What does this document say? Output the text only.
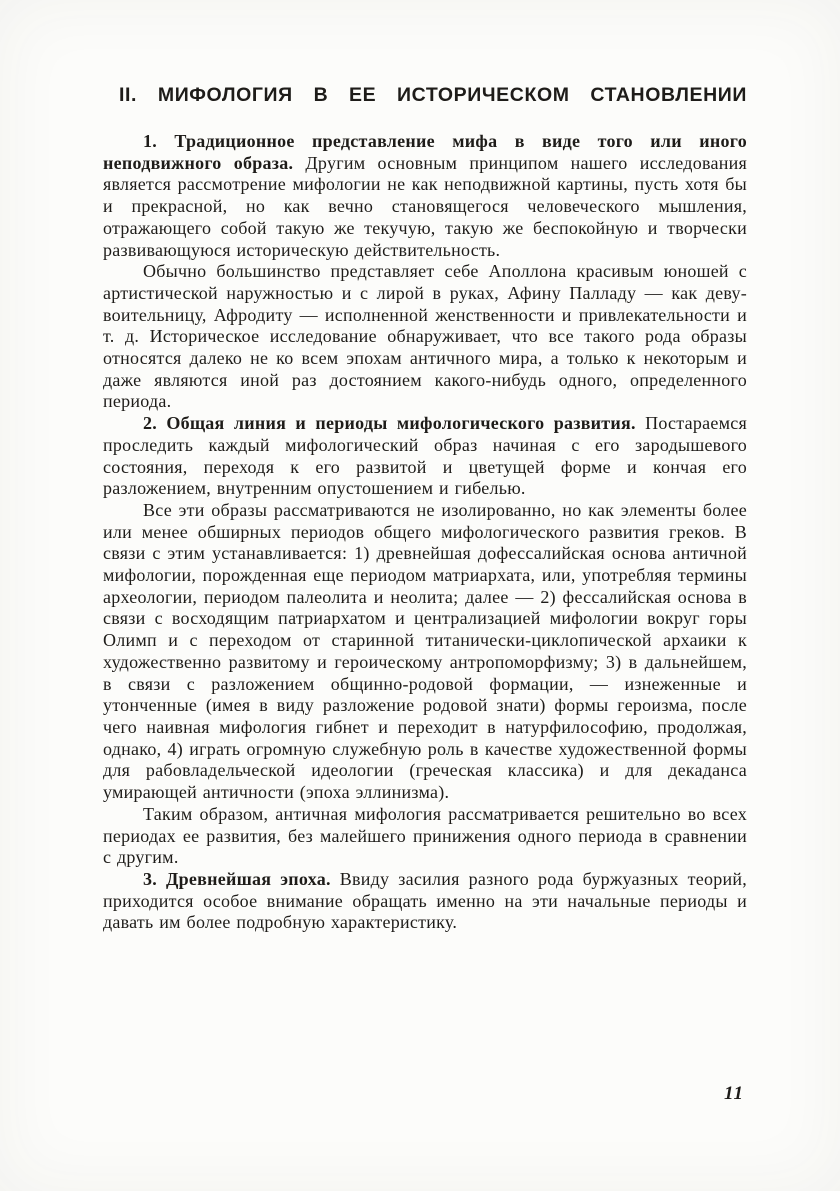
II. МИФОЛОГИЯ В ЕЕ ИСТОРИЧЕСКОМ СТАНОВЛЕНИИ

1. Традиционное представление мифа в виде того или иного неподвижного образа. Другим основным принципом нашего исследования является рассмотрение мифологии не как неподвижной картины, пусть хотя бы и прекрасной, но как вечно становящегося человеческого мышления, отражающего собой такую же текучую, такую же беспокойную и творчески развивающуюся историческую действительность.

Обычно большинство представляет себе Аполлона красивым юношей с артистической наружностью и с лирой в руках, Афину Палладу — как деву-воительницу, Афродиту — исполненной женственности и привлекательности и т. д. Историческое исследование обнаруживает, что все такого рода образы относятся далеко не ко всем эпохам античного мира, а только к некоторым и даже являются иной раз достоянием какого-нибудь одного, определенного периода.

2. Общая линия и периоды мифологического развития. Постараемся проследить каждый мифологический образ начиная с его зародышевого состояния, переходя к его развитой и цветущей форме и кончая его разложением, внутренним опустошением и гибелью.

Все эти образы рассматриваются не изолированно, но как элементы более или менее обширных периодов общего мифологического развития греков. В связи с этим устанавливается: 1) древнейшая дофессалийская основа античной мифологии, порожденная еще периодом матриархата, или, употребляя термины археологии, периодом палеолита и неолита; далее — 2) фессалийская основа в связи с восходящим патриархатом и централизацией мифологии вокруг горы Олимп и с переходом от старинной титанически-циклопической архаики к художественно развитому и героическому антропоморфизму; 3) в дальнейшем, в связи с разложением общинно-родовой формации, — изнеженные и утонченные (имея в виду разложение родовой знати) формы героизма, после чего наивная мифология гибнет и переходит в натурфилософию, продолжая, однако, 4) играть огромную служебную роль в качестве художественной формы для рабовладельческой идеологии (греческая классика) и для декаданса умирающей античности (эпоха эллинизма).

Таким образом, античная мифология рассматривается решительно во всех периодах ее развития, без малейшего принижения одного периода в сравнении с другим.

3. Древнейшая эпоха. Ввиду засилия разного рода буржуазных теорий, приходится особое внимание обращать именно на эти начальные периоды и давать им более подробную характеристику.

11
